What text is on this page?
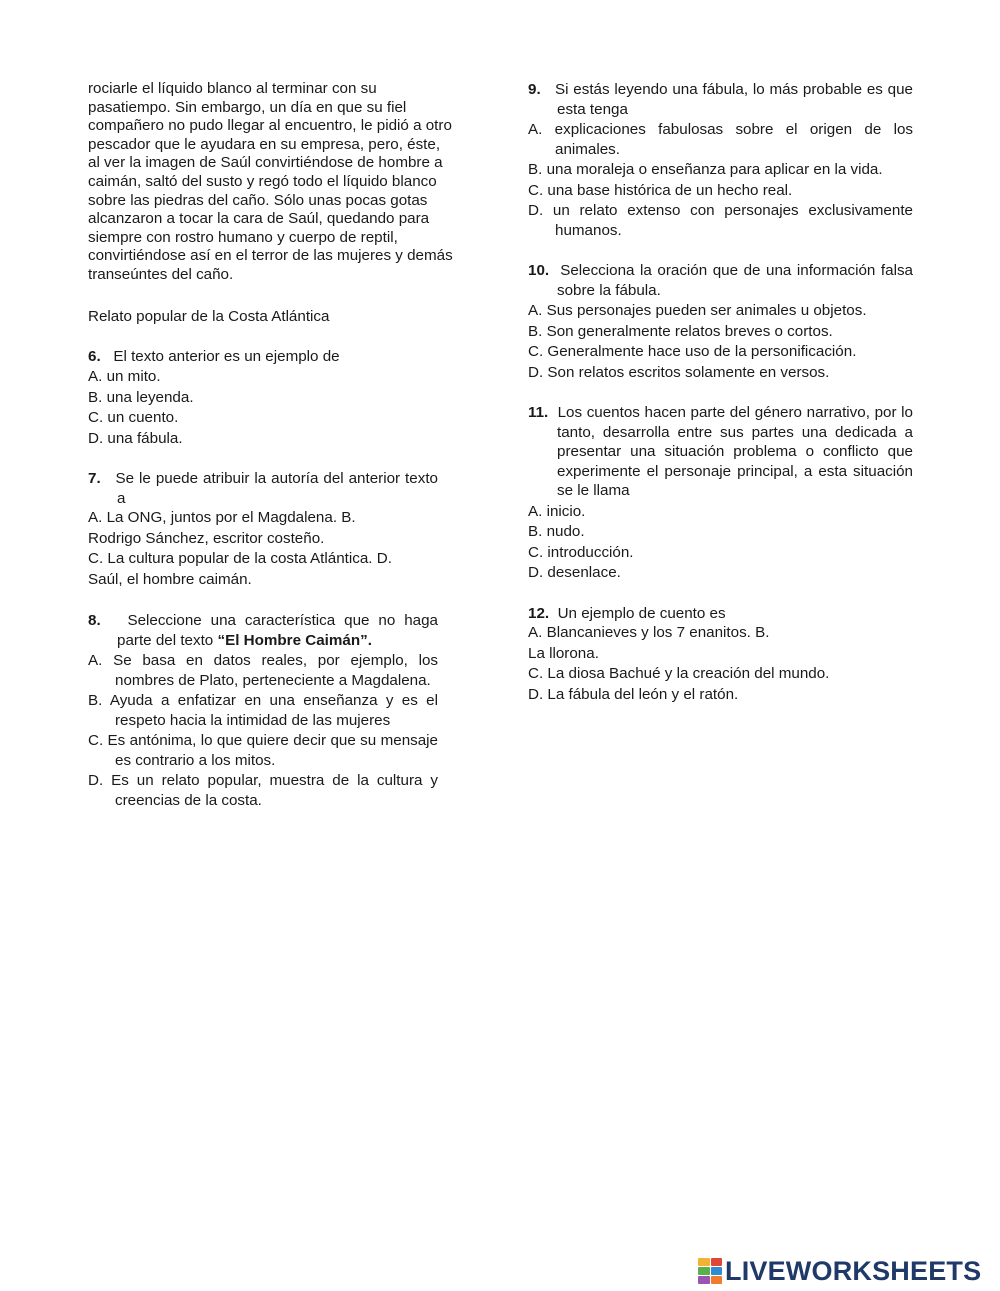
rociarle el líquido blanco al terminar con su
pasatiempo. Sin embargo, un día en que su fiel
compañero no pudo llegar al encuentro, le pidió a otro
pescador que le ayudara en su empresa, pero, éste,
al ver la imagen de Saúl convirtiéndose de hombre a
caimán, saltó del susto y regó todo el líquido blanco
sobre las piedras del caño. Sólo unas pocas gotas
alcanzaron a tocar la cara de Saúl, quedando para
siempre con rostro humano y cuerpo de reptil,
convirtiéndose así en el terror de las mujeres y demás
transeúntes del caño.
Relato popular de la Costa Atlántica
6. El texto anterior es un ejemplo de
A. un mito.
B. una leyenda.
C. un cuento.
D. una fábula.
7. Se le puede atribuir la autoría del anterior texto a
A. La ONG, juntos por el Magdalena. B.
Rodrigo Sánchez, escritor costeño.
C. La cultura popular de la costa Atlántica. D.
Saúl, el hombre caimán.
8. Seleccione una característica que no haga parte del texto “El Hombre Caimán”.
A. Se basa en datos reales, por ejemplo, los nombres de Plato, perteneciente a Magdalena.
B. Ayuda a enfatizar en una enseñanza y es el respeto hacia la intimidad de las mujeres
C. Es antónima, lo que quiere decir que su mensaje es contrario a los mitos.
D. Es un relato popular, muestra de la cultura y creencias de la costa.
9. Si estás leyendo una fábula, lo más probable es que esta tenga
A. explicaciones fabulosas sobre el origen de los animales.
B. una moraleja o enseñanza para aplicar en la vida.
C. una base histórica de un hecho real.
D. un relato extenso con personajes exclusivamente humanos.
10. Selecciona la oración que de una información falsa sobre la fábula.
A. Sus personajes pueden ser animales u objetos.
B. Son generalmente relatos breves o cortos.
C. Generalmente hace uso de la personificación.
D. Son relatos escritos solamente en versos.
11. Los cuentos hacen parte del género narrativo, por lo tanto, desarrolla entre sus partes una dedicada a presentar una situación problema o conflicto que experimente el personaje principal, a esta situación se le llama
A. inicio.
B. nudo.
C. introducción.
D. desenlace.
12. Un ejemplo de cuento es
A. Blancanieves y los 7 enanitos. B.
La llorona.
C. La diosa Bachué y la creación del mundo.
D. La fábula del león y el ratón.
LIVEWORKSHEETS
